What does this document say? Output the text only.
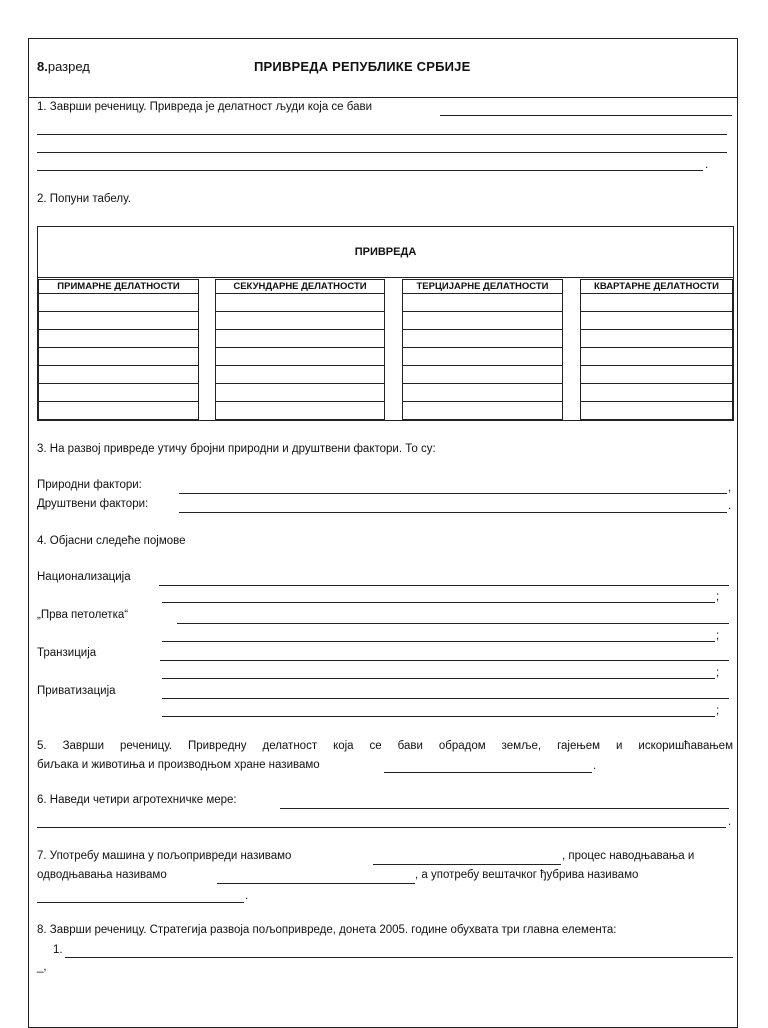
8.разред	ПРИВРЕДА РЕПУБЛИКЕ СРБИЈЕ
1. Заврши реченицу. Привреда је делатност људи која се бави
.
2. Попуни табелу.
ПРИВРЕДА
ПРИМАРНЕ ДЕЛАТНОСТИ	СЕКУНДАРНЕ ДЕЛАТНОСТИ	ТЕРЦИЈАРНЕ ДЕЛАТНОСТИ	КВАРТАРНЕ ДЕЛАТНОСТИ
3. На развој привреде утичу бројни природни и друштвени фактори. То су:
Природни фактори:	,
Друштвени фактори:	.
4. Објасни следеће појмове
Национализација
;
„Прва петолетка“
;
Транзиција
;
Приватизација
;
5. Заврши реченицу. Привредну делатност која се бави обрадом земље, гајењем и искоришћавањем
биљака и животиња и производњом хране називамо	.
6. Наведи четири агротехничке мере:
.
7. Употребу машина у пољопривреди називамо	, процес наводњавања и
одводњавања називамо	, а употребу вештачког ђубрива називамо
.
8. Заврши реченицу. Стратегија развоја пољопривреде, донета 2005. године обухвата три главна елемента:
1.
_,
